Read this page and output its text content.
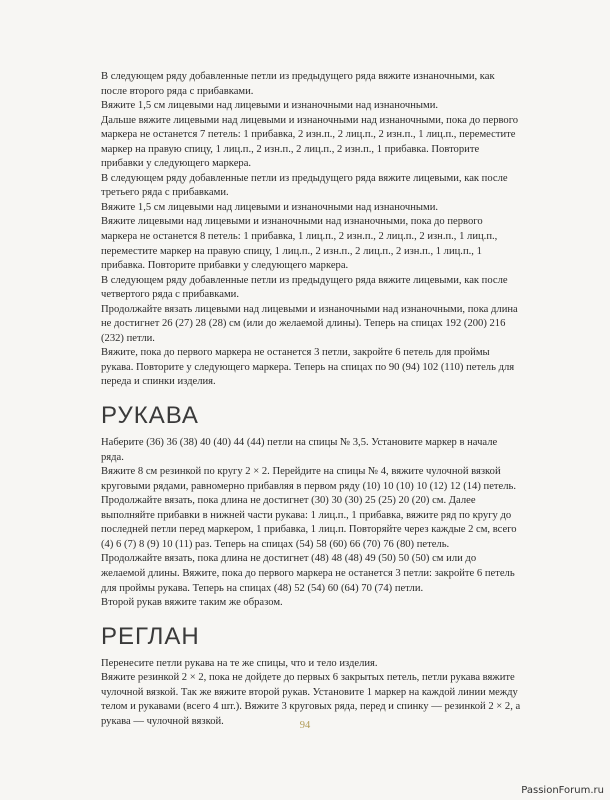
В следующем ряду добавленные петли из предыдущего ряда вяжите изнаночными, как после второго ряда с прибавками.

Вяжите 1,5 см лицевыми над лицевыми и изнаночными над изнаночными.

Дальше вяжите лицевыми над лицевыми и изнаночными над изнаночными, пока до первого маркера не останется 7 петель: 1 прибавка, 2 изн.п., 2 лиц.п., 2 изн.п., 1 лиц.п., переместите маркер на правую спицу, 1 лиц.п., 2 изн.п., 2 лиц.п., 2 изн.п., 1 прибавка. Повторите прибавки у следующего маркера.

В следующем ряду добавленные петли из предыдущего ряда вяжите лицевыми, как после третьего ряда с прибавками.

Вяжите 1,5 см лицевыми над лицевыми и изнаночными над изнаночными.

Вяжите лицевыми над лицевыми и изнаночными над изнаночными, пока до первого маркера не останется 8 петель: 1 прибавка, 1 лиц.п., 2 изн.п., 2 лиц.п., 2 изн.п., 1 лиц.п., переместите маркер на правую спицу, 1 лиц.п., 2 изн.п., 2 лиц.п., 2 изн.п., 1 лиц.п., 1 прибавка. Повторите прибавки у следующего маркера.

В следующем ряду добавленные петли из предыдущего ряда вяжите лицевыми, как после четвертого ряда с прибавками.

Продолжайте вязать лицевыми над лицевыми и изнаночными над изнаночными, пока длина не достигнет 26 (27) 28 (28) см (или до желаемой длины). Теперь на спицах 192 (200) 216 (232) петли.

Вяжите, пока до первого маркера не останется 3 петли, закройте 6 петель для проймы рукава. Повторите у следующего маркера. Теперь на спицах по 90 (94) 102 (110) петель для переда и спинки изделия.

РУКАВА

Наберите (36) 36 (38) 40 (40) 44 (44) петли на спицы № 3,5. Установите маркер в начале ряда.

Вяжите 8 см резинкой по кругу 2 × 2. Перейдите на спицы № 4, вяжите чулочной вязкой круговыми рядами, равномерно прибавляя в первом ряду (10) 10 (10) 10 (12) 12 (14) петель.

Продолжайте вязать, пока длина не достигнет (30) 30 (30) 25 (25) 20 (20) см. Далее выполняйте прибавки в нижней части рукава: 1 лиц.п., 1 прибавка, вяжите ряд по кругу до последней петли перед маркером, 1 прибавка, 1 лиц.п. Повторяйте через каждые 2 см, всего (4) 6 (7) 8 (9) 10 (11) раз. Теперь на спицах (54) 58 (60) 66 (70) 76 (80) петель.

Продолжайте вязать, пока длина не достигнет (48) 48 (48) 49 (50) 50 (50) см или до желаемой длины. Вяжите, пока до первого маркера не останется 3 петли: закройте 6 петель для проймы рукава. Теперь на спицах (48) 52 (54) 60 (64) 70 (74) петли.

Второй рукав вяжите таким же образом.

РЕГЛАН

Перенесите петли рукава на те же спицы, что и тело изделия.

Вяжите резинкой 2 × 2, пока не дойдете до первых 6 закрытых петель, петли рукава вяжите чулочной вязкой. Так же вяжите второй рукав. Установите 1 маркер на каждой линии между телом и рукавами (всего 4 шт.). Вяжите 3 круговых ряда, перед и спинку — резинкой 2 × 2, а рукава — чулочной вязкой.	94
PassionForum.ru
